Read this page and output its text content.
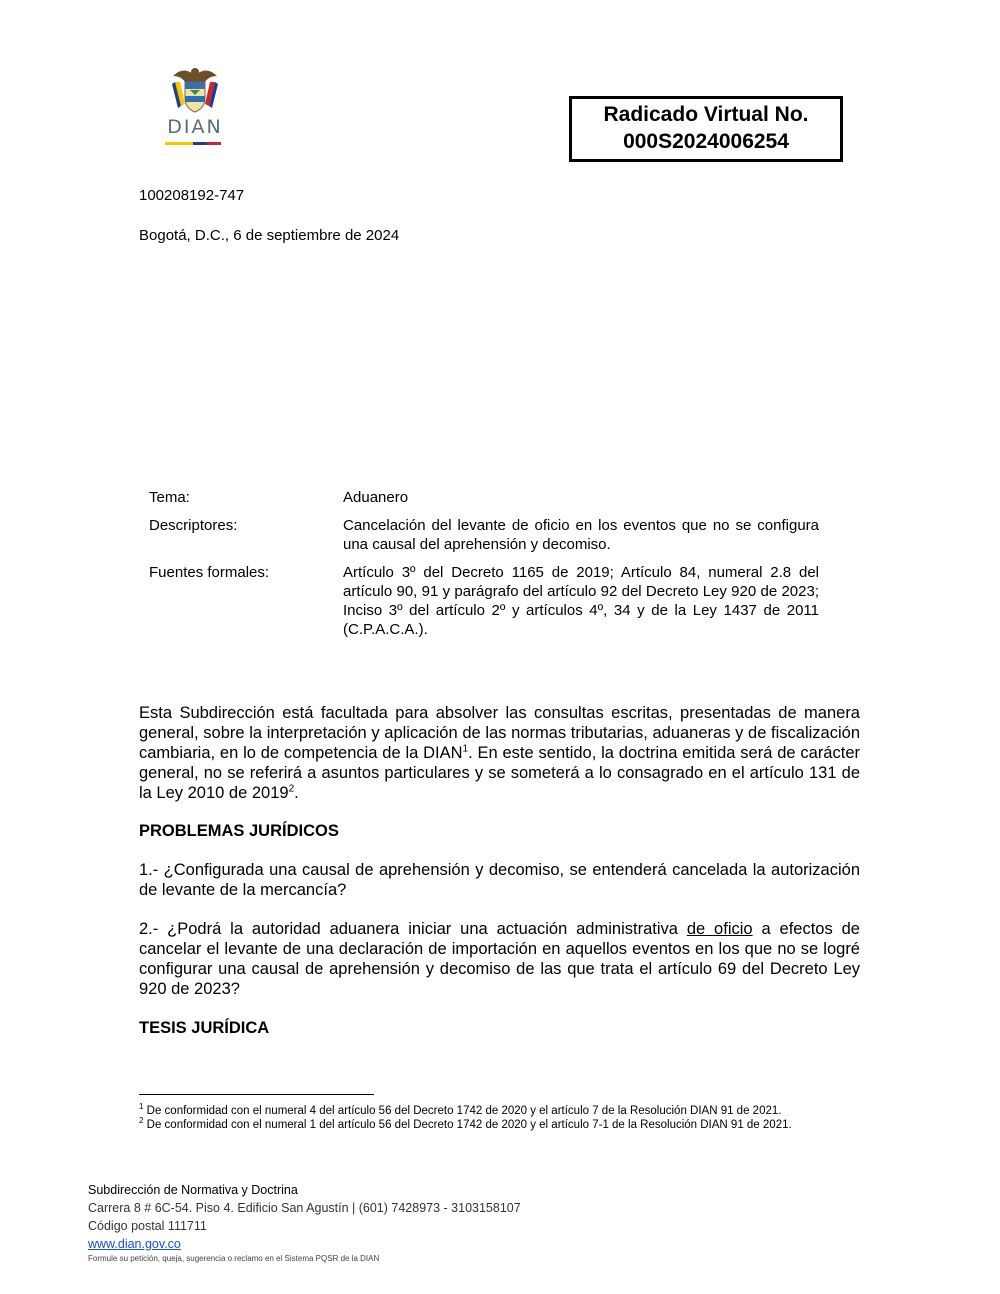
DIAN
Radicado Virtual No.
000S2024006254
100208192-747
Bogotá, D.C., 6 de septiembre de 2024
Tema:	Aduanero
Descriptores:	Cancelación del levante de oficio en los eventos que no se configura una causal del aprehensión y decomiso.
Fuentes formales:	Artículo 3º del Decreto 1165 de 2019; Artículo 84, numeral 2.8 del artículo 90, 91 y parágrafo del artículo 92 del Decreto Ley 920 de 2023; Inciso 3º del artículo 2º y artículos 4º, 34 y de la Ley 1437 de 2011 (C.P.A.C.A.).
Esta Subdirección está facultada para absolver las consultas escritas, presentadas de manera general, sobre la interpretación y aplicación de las normas tributarias, aduaneras y de fiscalización cambiaria, en lo de competencia de la DIAN$^1$. En este sentido, la doctrina emitida será de carácter general, no se referirá a asuntos particulares y se someterá a lo consagrado en el artículo 131 de la Ley 2010 de 2019$^2$.
PROBLEMAS JURÍDICOS
1.- ¿Configurada una causal de aprehensión y decomiso, se entenderá cancelada la autorización de levante de la mercancía?
2.- ¿Podrá la autoridad aduanera iniciar una actuación administrativa de oficio a efectos de cancelar el levante de una declaración de importación en aquellos eventos en los que no se logré configurar una causal de aprehensión y decomiso de las que trata el artículo 69 del Decreto Ley 920 de 2023?
TESIS JURÍDICA
$^1$ De conformidad con el numeral 4 del artículo 56 del Decreto 1742 de 2020 y el artículo 7 de la Resolución DIAN 91 de 2021.
$^2$ De conformidad con el numeral 1 del artículo 56 del Decreto 1742 de 2020 y el artículo 7-1 de la Resolución DIAN 91 de 2021.
Subdirección de Normativa y Doctrina
Carrera 8 # 6C-54. Piso 4. Edificio San Agustín | (601) 7428973 - 3103158107
Código postal 111711
www.dian.gov.co
Formule su petición, queja, sugerencia o reclamo en el Sistema PQSR de la DIAN
